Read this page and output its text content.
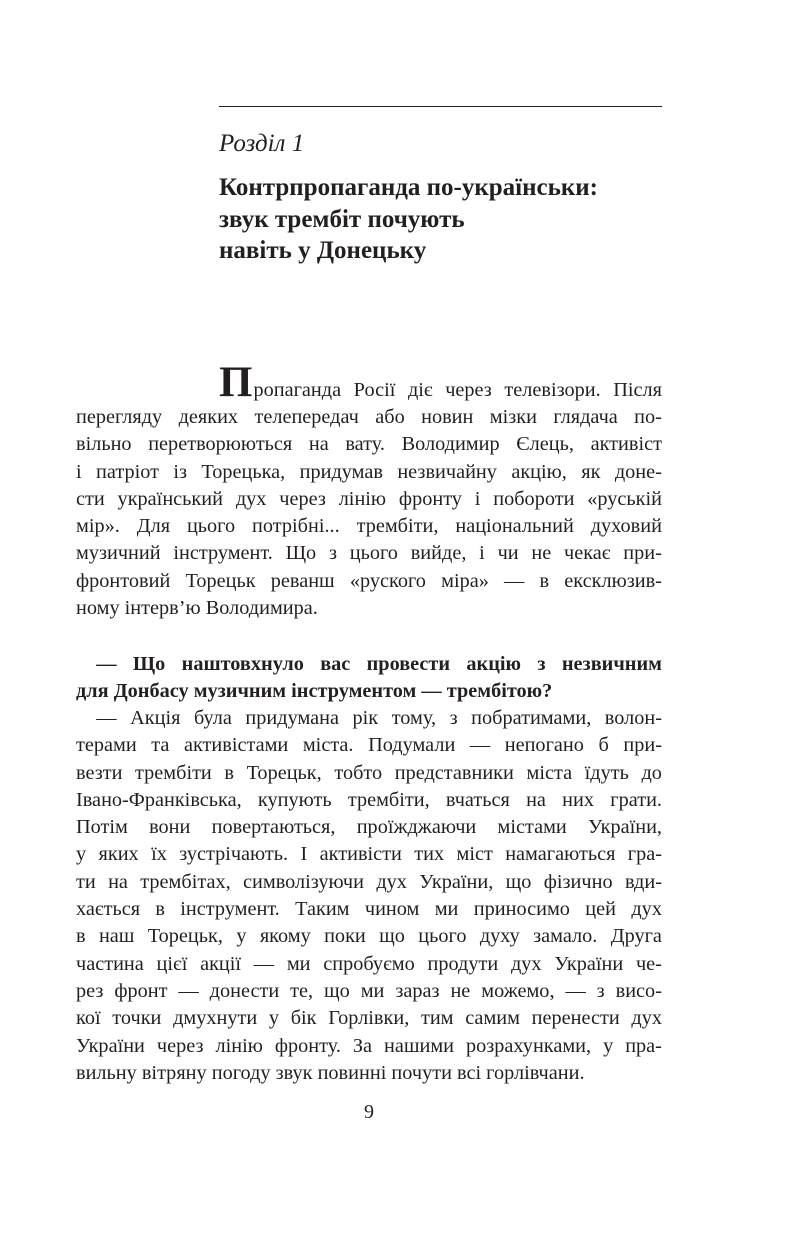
Розділ 1
Контрпропаганда по-українськи:
звук трембіт почують
навіть у Донецьку
Пропаганда Росії діє через телевізори. Після
перегляду деяких телепередач або новин мізки глядача по-
вільно перетворюються на вату. Володимир Єлець, активіст
і патріот із Торецька, придумав незвичайну акцію, як доне-
сти український дух через лінію фронту і побороти «руській
мір». Для цього потрібні... трембіти, національний духовий
музичний інструмент. Що з цього вийде, і чи не чекає при-
фронтовий Торецьк реванш «руского міра» — в ексклюзив-
ному інтерв’ю Володимира.
— Що наштовхнуло вас провести акцію з незвичним
для Донбасу музичним інструментом — трембітою?
— Акція була придумана рік тому, з побратимами, волон-
терами та активістами міста. Подумали — непогано б при-
везти трембіти в Торецьк, тобто представники міста їдуть до
Івано-Франківська, купують трембіти, вчаться на них грати.
Потім вони повертаються, проїжджаючи містами України,
у яких їх зустрічають. І активісти тих міст намагаються гра-
ти на трембітах, символізуючи дух України, що фізично вди-
хається в інструмент. Таким чином ми приносимо цей дух
в наш Торецьк, у якому поки що цього духу замало. Друга
частина цієї акції — ми спробуємо продути дух України че-
рез фронт — донести те, що ми зараз не можемо, — з висо-
кої точки дмухнути у бік Горлівки, тим самим перенести дух
України через лінію фронту. За нашими розрахунками, у пра-
вильну вітряну погоду звук повинні почути всі горлівчани.
9
